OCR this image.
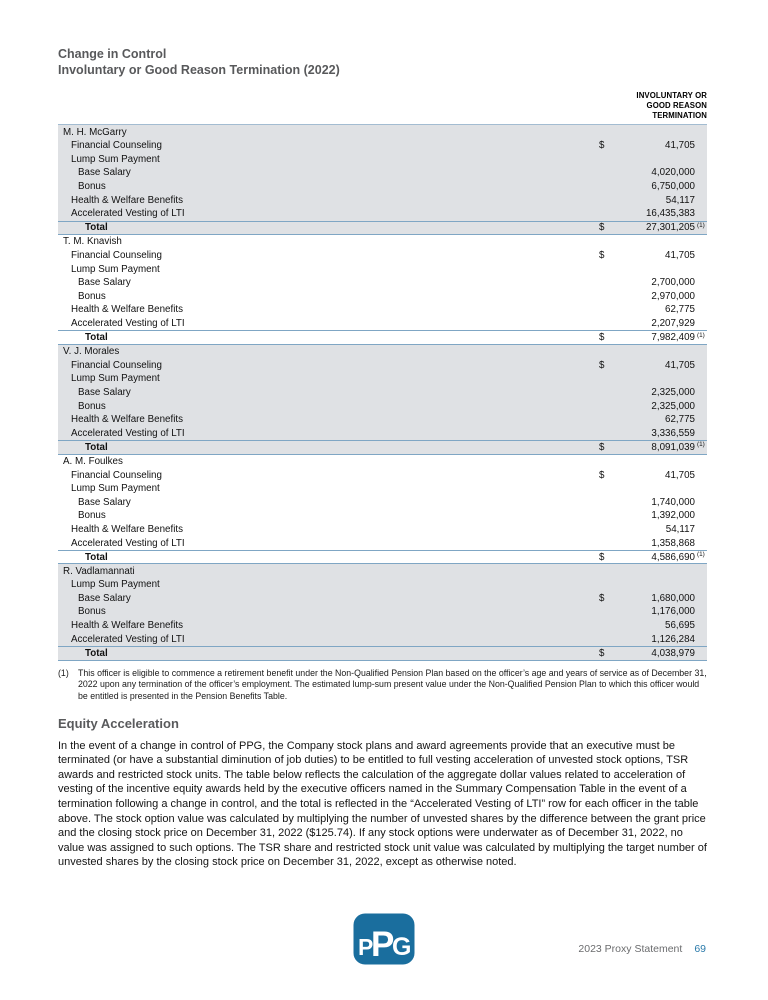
Change in Control
Involuntary or Good Reason Termination (2022)
INVOLUNTARY OR
GOOD REASON
TERMINATION
M. H. McGarry
Financial Counseling	$	41,705
Lump Sum Payment
Base Salary	4,020,000
Bonus	6,750,000
Health & Welfare Benefits	54,117
Accelerated Vesting of LTI	16,435,383
Total	$	27,301,205 (1)
T. M. Knavish
Financial Counseling	$	41,705
Lump Sum Payment
Base Salary	2,700,000
Bonus	2,970,000
Health & Welfare Benefits	62,775
Accelerated Vesting of LTI	2,207,929
Total	$	7,982,409 (1)
V. J. Morales
Financial Counseling	$	41,705
Lump Sum Payment
Base Salary	2,325,000
Bonus	2,325,000
Health & Welfare Benefits	62,775
Accelerated Vesting of LTI	3,336,559
Total	$	8,091,039 (1)
A. M. Foulkes
Financial Counseling	$	41,705
Lump Sum Payment
Base Salary	1,740,000
Bonus	1,392,000
Health & Welfare Benefits	54,117
Accelerated Vesting of LTI	1,358,868
Total	$	4,586,690 (1)
R. Vadlamannati
Lump Sum Payment
Base Salary	$	1,680,000
Bonus	1,176,000
Health & Welfare Benefits	56,695
Accelerated Vesting of LTI	1,126,284
Total	$	4,038,979
(1)	This officer is eligible to commence a retirement benefit under the Non-Qualified Pension Plan based on the officer’s age and years of service as of December 31, 2022 upon any termination of the officer’s employment. The estimated lump-sum present value under the Non-Qualified Pension Plan to which this officer would be entitled is presented in the Pension Benefits Table.
Equity Acceleration
In the event of a change in control of PPG, the Company stock plans and award agreements provide that an executive must be terminated (or have a substantial diminution of job duties) to be entitled to full vesting acceleration of unvested stock options, TSR awards and restricted stock units. The table below reflects the calculation of the aggregate dollar values related to acceleration of vesting of the incentive equity awards held by the executive officers named in the Summary Compensation Table in the event of a termination following a change in control, and the total is reflected in the “Accelerated Vesting of LTI” row for each officer in the table above. The stock option value was calculated by multiplying the number of unvested shares by the difference between the grant price and the closing stock price on December 31, 2022 ($125.74). If any stock options were underwater as of December 31, 2022, no value was assigned to such options. The TSR share and restricted stock unit value was calculated by multiplying the target number of unvested shares by the closing stock price on December 31, 2022, except as otherwise noted.
P
P
G	2023 Proxy Statement 69
